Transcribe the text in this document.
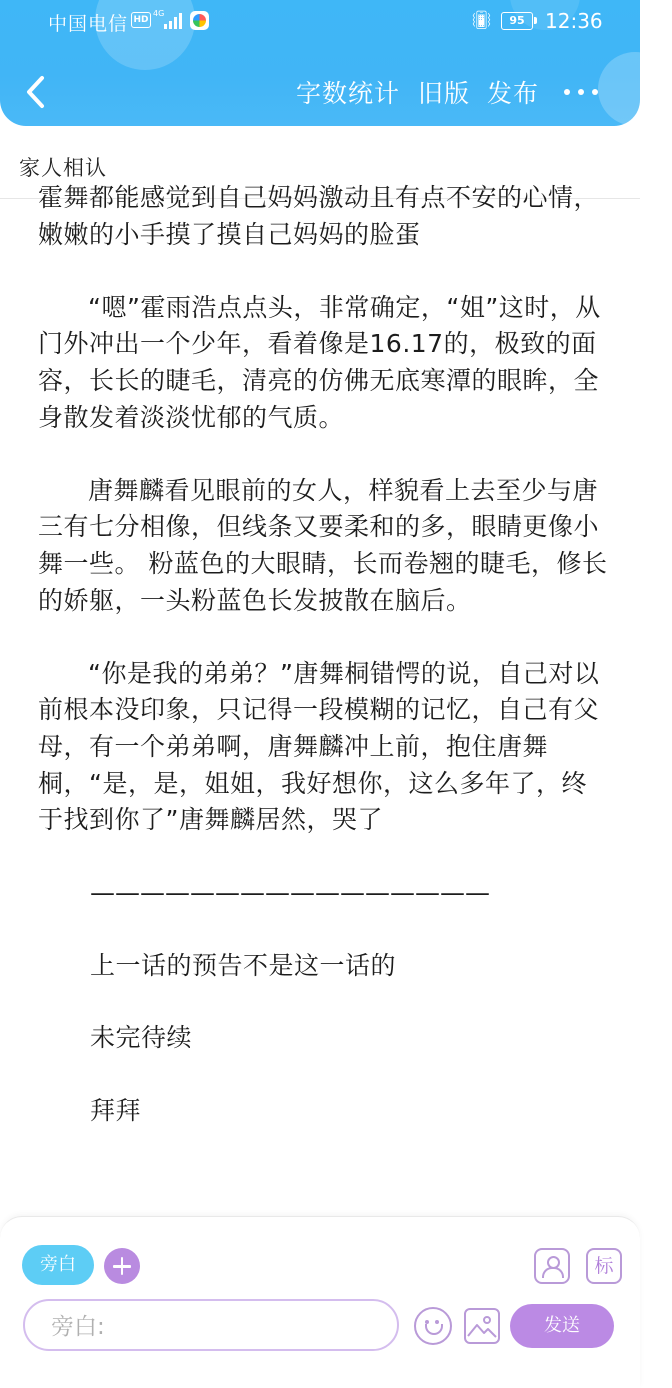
中国电信 HD
4G	📳︎	95	12:36
字数统计 旧版 发布
家人相认

霍舞都能感觉到自己妈妈激动且有点不安的心情，嫩嫩的小手摸了摸自己妈妈的脸蛋

“嗯”霍雨浩点点头，非常确定，“姐”这时，从门外冲出一个少年，看着像是16.17的，极致的面容，长长的睫毛，清亮的仿佛无底寒潭的眼眸，全身散发着淡淡忧郁的气质。

唐舞麟看见眼前的女人，样貌看上去至少与唐三有七分相像，但线条又要柔和的多，眼睛更像小舞一些。 粉蓝色的大眼睛，长而卷翘的睫毛，修长的娇躯，一头粉蓝色长发披散在脑后。

“你是我的弟弟？”唐舞桐错愕的说，自己对以前根本没印象，只记得一段模糊的记忆，自己有父母，有一个弟弟啊，唐舞麟冲上前，抱住唐舞桐，“是，是，姐姐，我好想你，这么多年了，终于找到你了”唐舞麟居然，哭了

————————————————

上一话的预告不是这一话的

未完待续

拜拜

旁白	标
旁白:
发送
